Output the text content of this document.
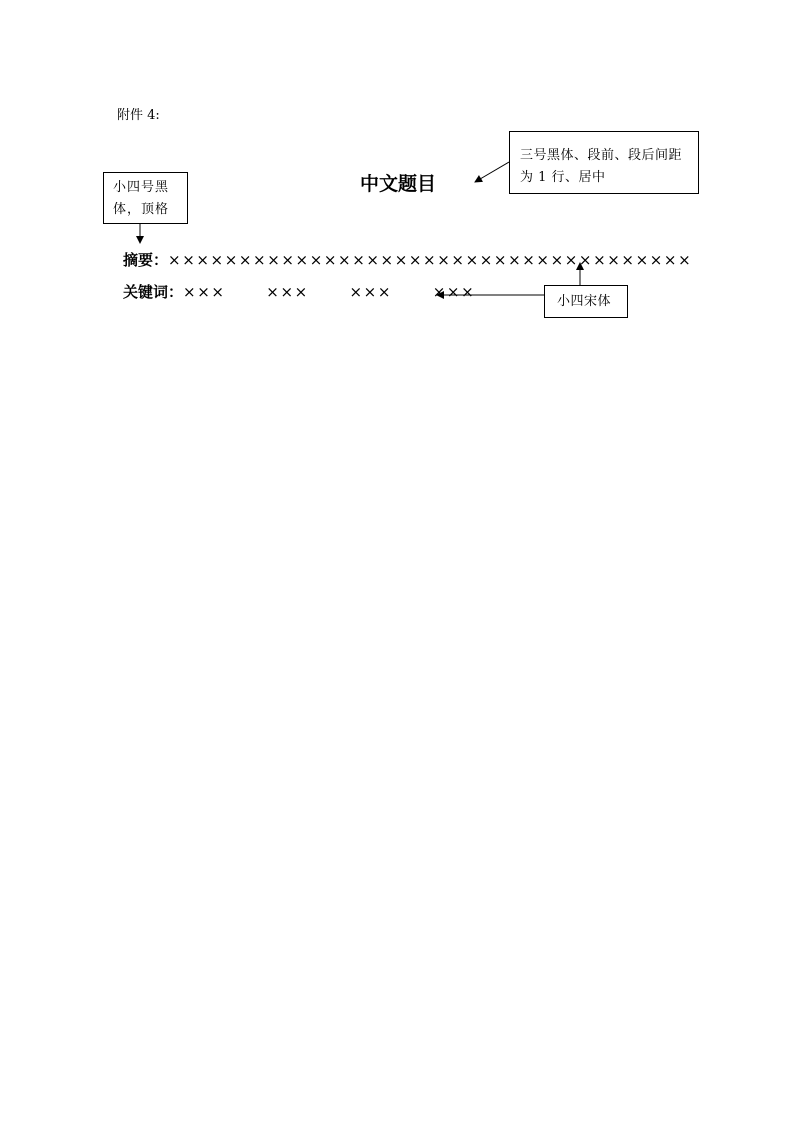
附件 4:
中文题目
三号黑体、段前、段后间距为 1 行、居中
小四号黑体，顶格
小四宋体
摘要：×××××××××××××××××××××××××××××××××××××
关键词：×××  ×××  ×××  ×××
